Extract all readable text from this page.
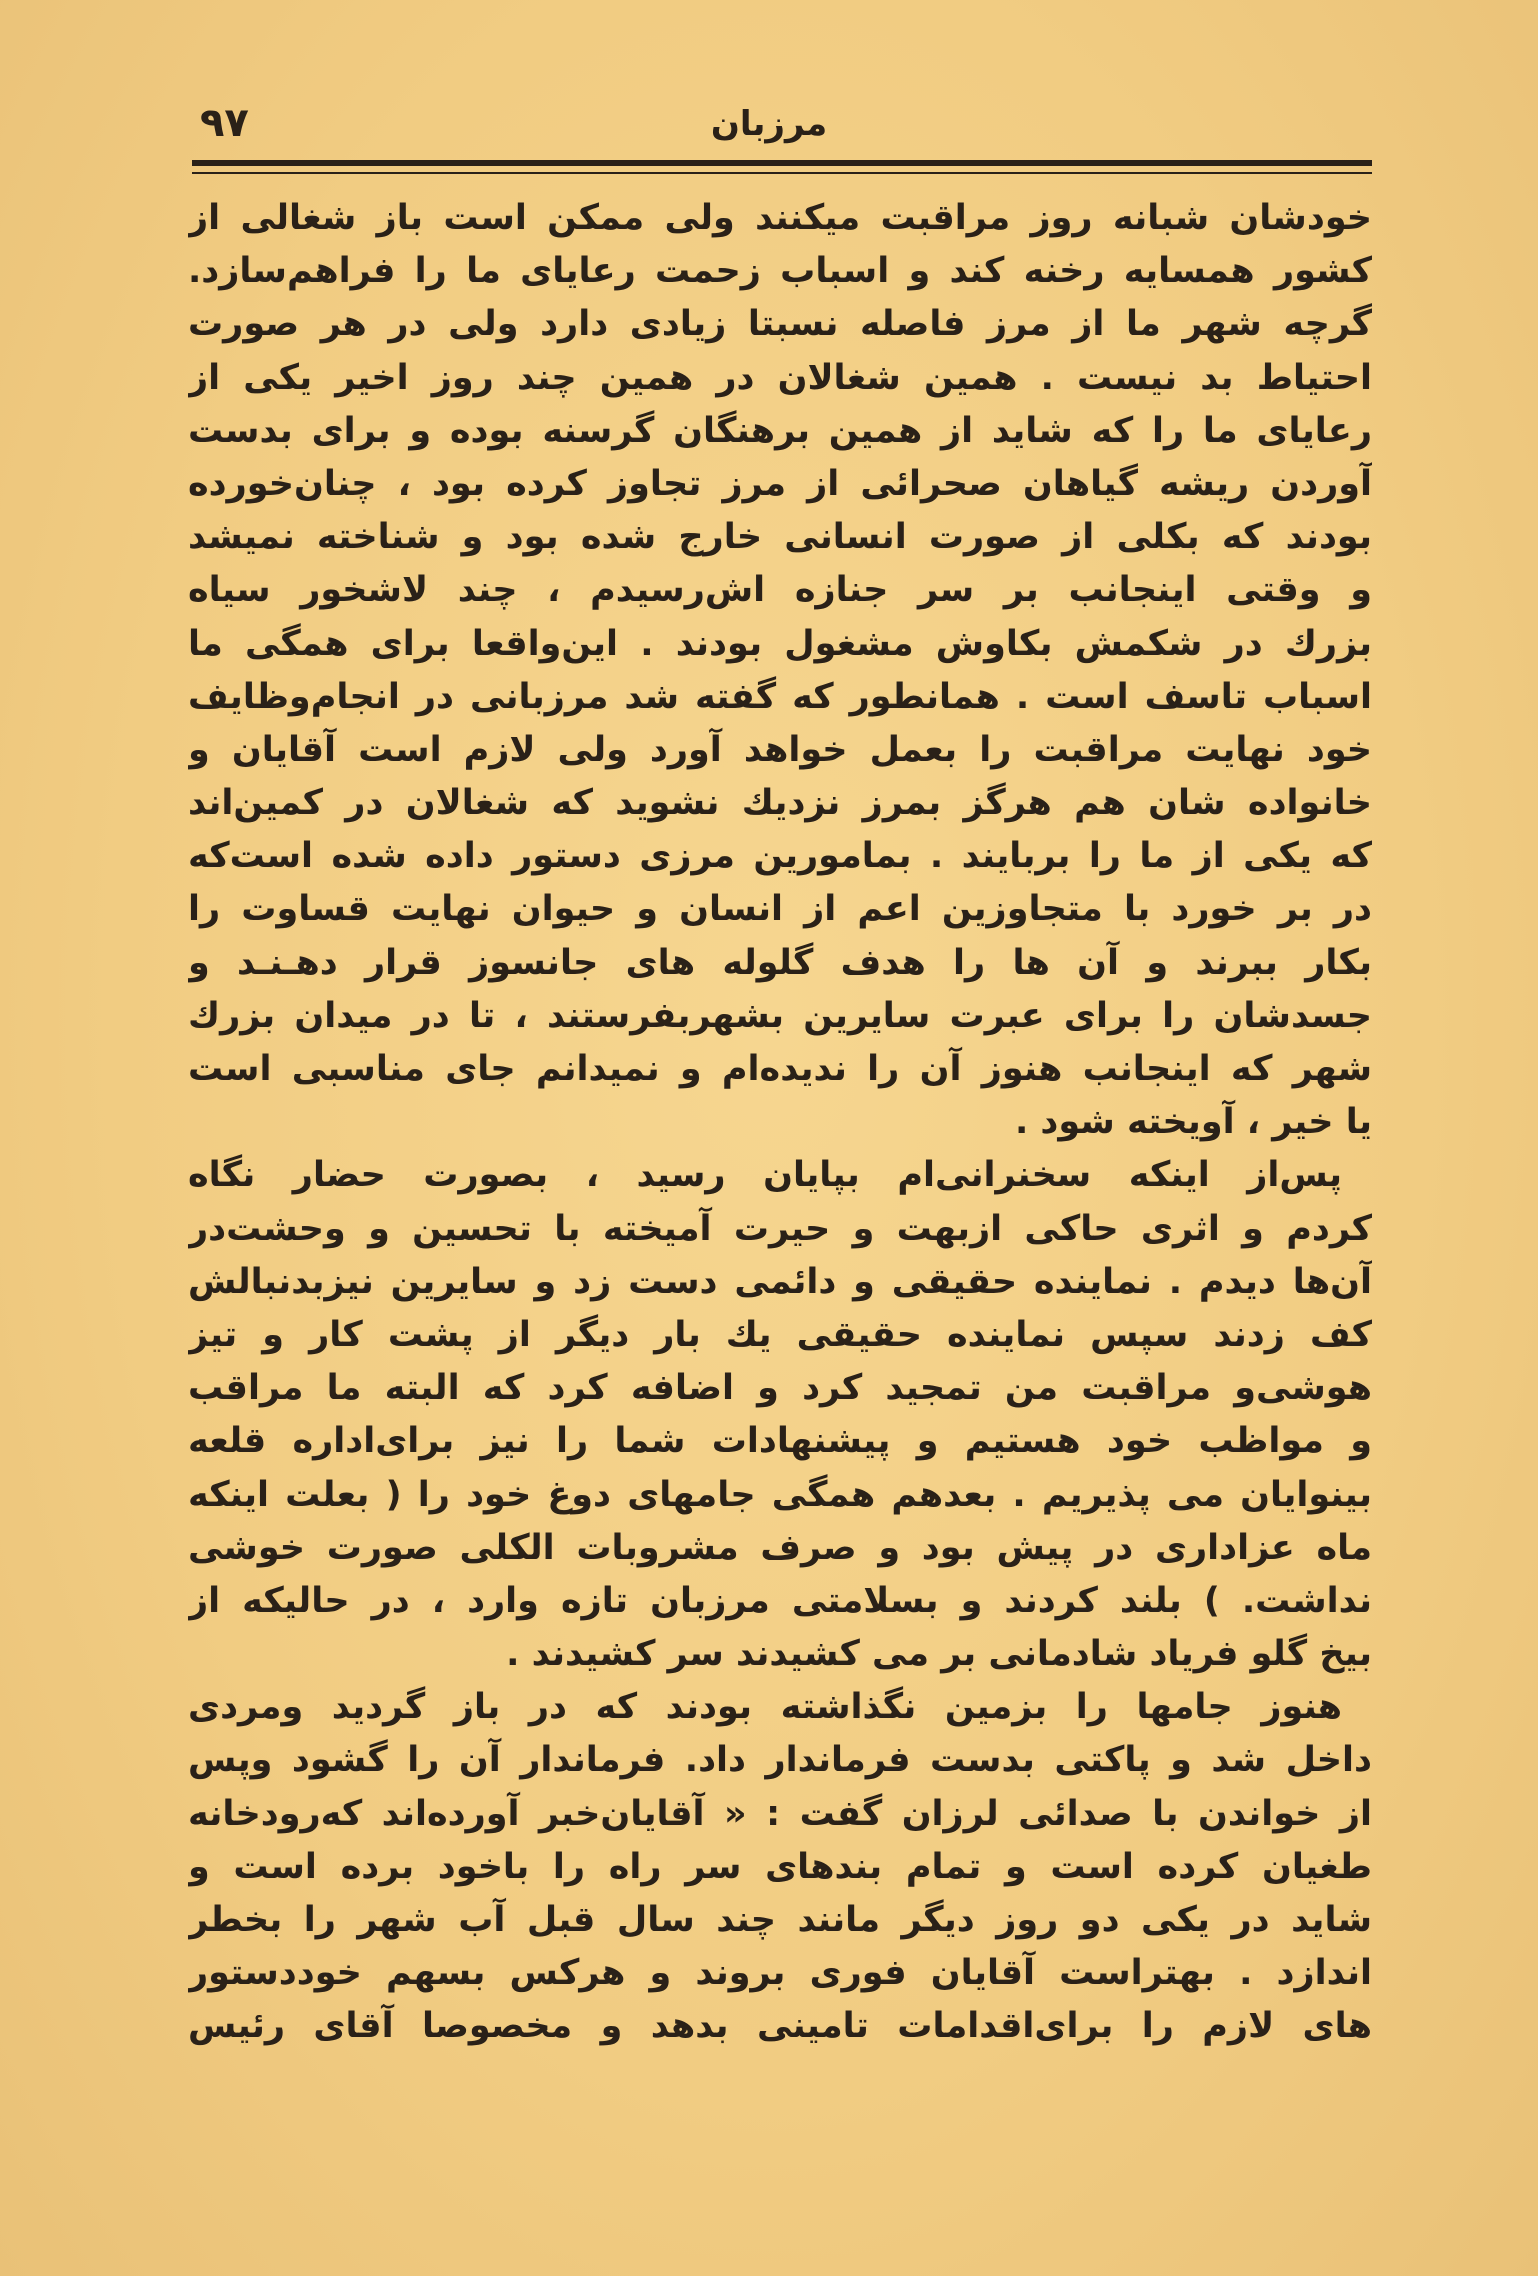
۹۷	مرزبان
خودشان شبانه روز مراقبت میکنند ولی ممکن است باز شغالی از
کشور همسایه رخنه کند و اسباب زحمت رعایای ما را فراهم‌سازد.
گرچه شهر ما از مرز فاصله نسبتا زیادی دارد ولی در هر صورت
احتیاط بد نیست . همین شغالان در همین چند روز اخیر یکی از
رعایای ما را که شاید از همین برهنگان گرسنه بوده و برای بدست
آوردن ریشه گیاهان صحرائی از مرز تجاوز کرده بود ، چنان‌خورده
بودند که بکلی از صورت انسانی خارج شده بود و شناخته نمیشد
و وقتی اینجانب بر سر جنازه اش‌رسیدم ، چند لاشخور سیاه
بزرك در شکمش بکاوش مشغول بودند . این‌واقعا برای همگی ما
اسباب تاسف است . همانطور که گفته شد مرزبانی در انجام‌وظایف
خود نهایت مراقبت را بعمل خواهد آورد ولی لازم است آقایان و
خانواده شان هم هرگز بمرز نزدیك نشوید که شغالان در کمین‌اند
که یکی از ما را بربایند . بمامورین مرزی دستور داده شده است‌که
در بر خورد با متجاوزین اعم از انسان و حیوان نهایت قساوت را
بکار ببرند و آن ها را هدف گلوله های جانسوز قرار دهـنـد و
جسدشان را برای عبرت سایرین بشهربفرستند ، تا در میدان بزرك
شهر که اینجانب هنوز آن را ندیده‌ام و نمیدانم جای مناسبی است
یا خیر ، آویخته شود .
پس‌از اینکه سخنرانی‌ام بپایان رسید ، بصورت حضار نگاه
کردم و اثری حاکی ازبهت و حیرت آمیخته با تحسین و وحشت‌در
آن‌ها دیدم . نماینده حقیقی و دائمی دست زد و سایرین نیزبدنبالش
کف زدند سپس نماینده حقیقی یك بار دیگر از پشت کار و تیز
هوشی‌و مراقبت من تمجید کرد و اضافه کرد که البته ما مراقب
و مواظب خود هستیم و پیشنهادات شما را نیز برای‌اداره قلعه
بینوایان می پذیریم . بعدهم همگی جامهای دوغ خود را ( بعلت اینکه
ماه عزاداری در پیش بود و صرف مشروبات الکلی صورت خوشی
نداشت. ) بلند کردند و بسلامتی مرزبان تازه وارد ، در حالیکه از
بیخ گلو فریاد شادمانی بر می کشیدند سر کشیدند .
هنوز جامها را بزمین نگذاشته بودند که در باز گردید ومردی
داخل شد و پاکتی بدست فرماندار داد. فرماندار آن را گشود وپس
از خواندن با صدائی لرزان گفت : « آقایان‌خبر آورده‌اند که‌رودخانه
طغیان کرده است و تمام بندهای سر راه را باخود برده است و
شاید در یکی دو روز دیگر مانند چند سال قبل آب شهر را بخطر
اندازد . بهتراست آقایان فوری بروند و هرکس بسهم خوددستور
های لازم را برای‌اقدامات تامینی بدهد و مخصوصا آقای رئیس
